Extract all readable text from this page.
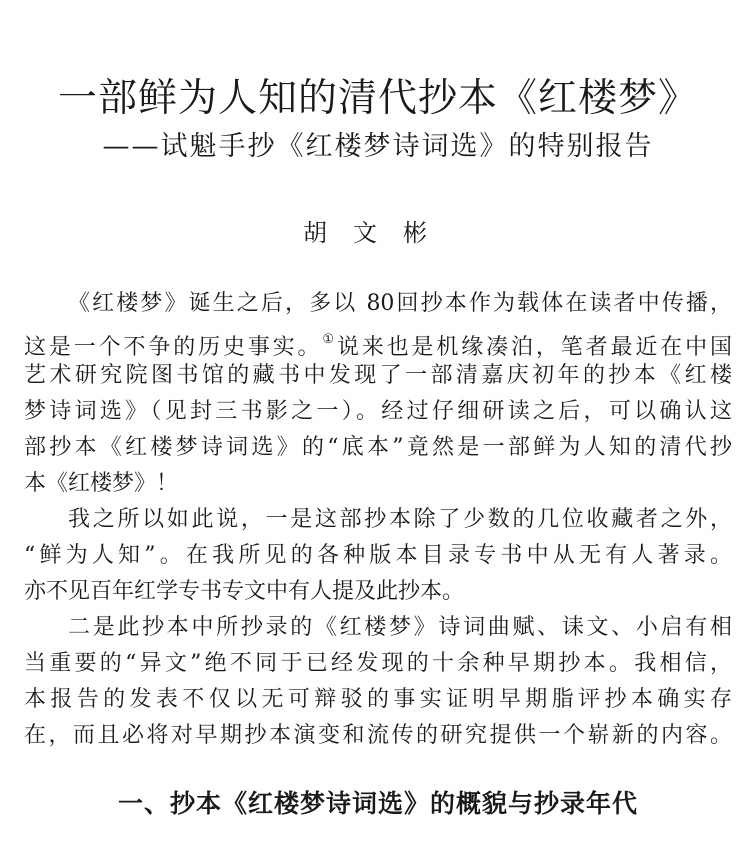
一部鲜为人知的清代抄本《红楼梦》
——试魁手抄《红楼梦诗词选》的特别报告
胡文彬

《红楼梦》诞生之后，多以 80回抄本作为载体在读者中传播，
这是一个不争的历史事实。①说来也是机缘凑泊，笔者最近在中国
艺术研究院图书馆的藏书中发现了一部清嘉庆初年的抄本《红楼
梦诗词选》（见封三书影之一）。经过仔细研读之后，可以确认这
部抄本《红楼梦诗词选》的“底本”竟然是一部鲜为人知的清代抄
本《红楼梦》！

我之所以如此说，一是这部抄本除了少数的几位收藏者之外，
“鲜为人知”。在我所见的各种版本目录专书中从无有人著录。
亦不见百年红学专书专文中有人提及此抄本。

二是此抄本中所抄录的《红楼梦》诗词曲赋、诔文、小启有相
当重要的“异文”绝不同于已经发现的十余种早期抄本。我相信，
本报告的发表不仅以无可辩驳的事实证明早期脂评抄本确实存
在，而且必将对早期抄本演变和流传的研究提供一个崭新的内容。

一、抄本《红楼梦诗词选》的概貌与抄录年代
